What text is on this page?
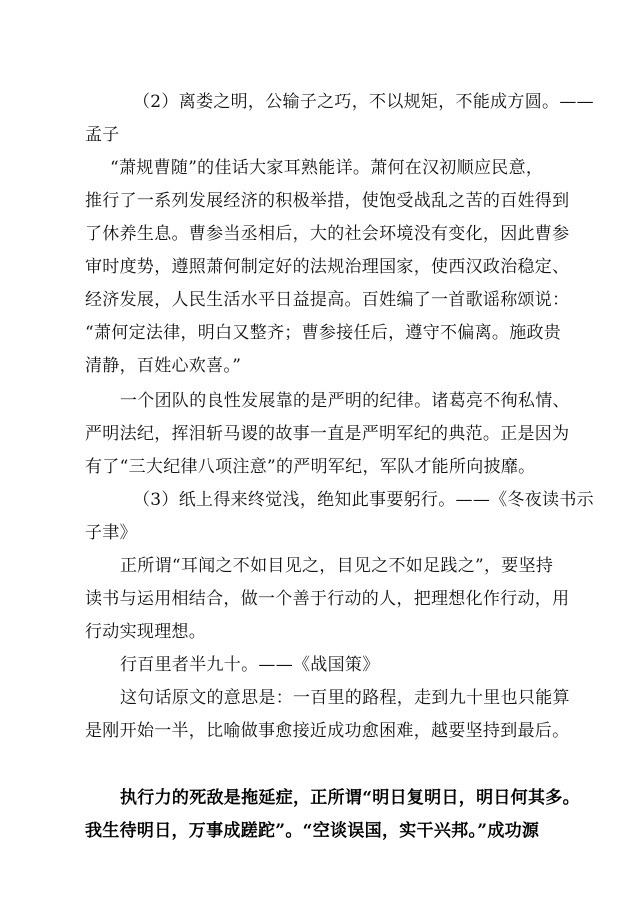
（2）离娄之明，公输子之巧，不以规矩，不能成方圆。——
孟子
“萧规曹随”的佳话大家耳熟能详。萧何在汉初顺应民意，
推行了一系列发展经济的积极举措，使饱受战乱之苦的百姓得到
了休养生息。曹参当丞相后，大的社会环境没有变化，因此曹参
审时度势，遵照萧何制定好的法规治理国家，使西汉政治稳定、
经济发展，人民生活水平日益提高。百姓编了一首歌谣称颂说：
“萧何定法律，明白又整齐；曹参接任后，遵守不偏离。施政贵
清静，百姓心欢喜。”
一个团队的良性发展靠的是严明的纪律。诸葛亮不徇私情、
严明法纪，挥泪斩马谡的故事一直是严明军纪的典范。正是因为
有了“三大纪律八项注意”的严明军纪，军队才能所向披靡。
（3）纸上得来终觉浅，绝知此事要躬行。——《冬夜读书示
子聿》
正所谓“耳闻之不如目见之，目见之不如足践之”，要坚持
读书与运用相结合，做一个善于行动的人，把理想化作行动，用
行动实现理想。
行百里者半九十。——《战国策》
这句话原文的意思是：一百里的路程，走到九十里也只能算
是刚开始一半，比喻做事愈接近成功愈困难，越要坚持到最后。
执行力的死敌是拖延症，正所谓“明日复明日，明日何其多。
我生待明日，万事成蹉跎”。“空谈误国，实干兴邦。”成功源
